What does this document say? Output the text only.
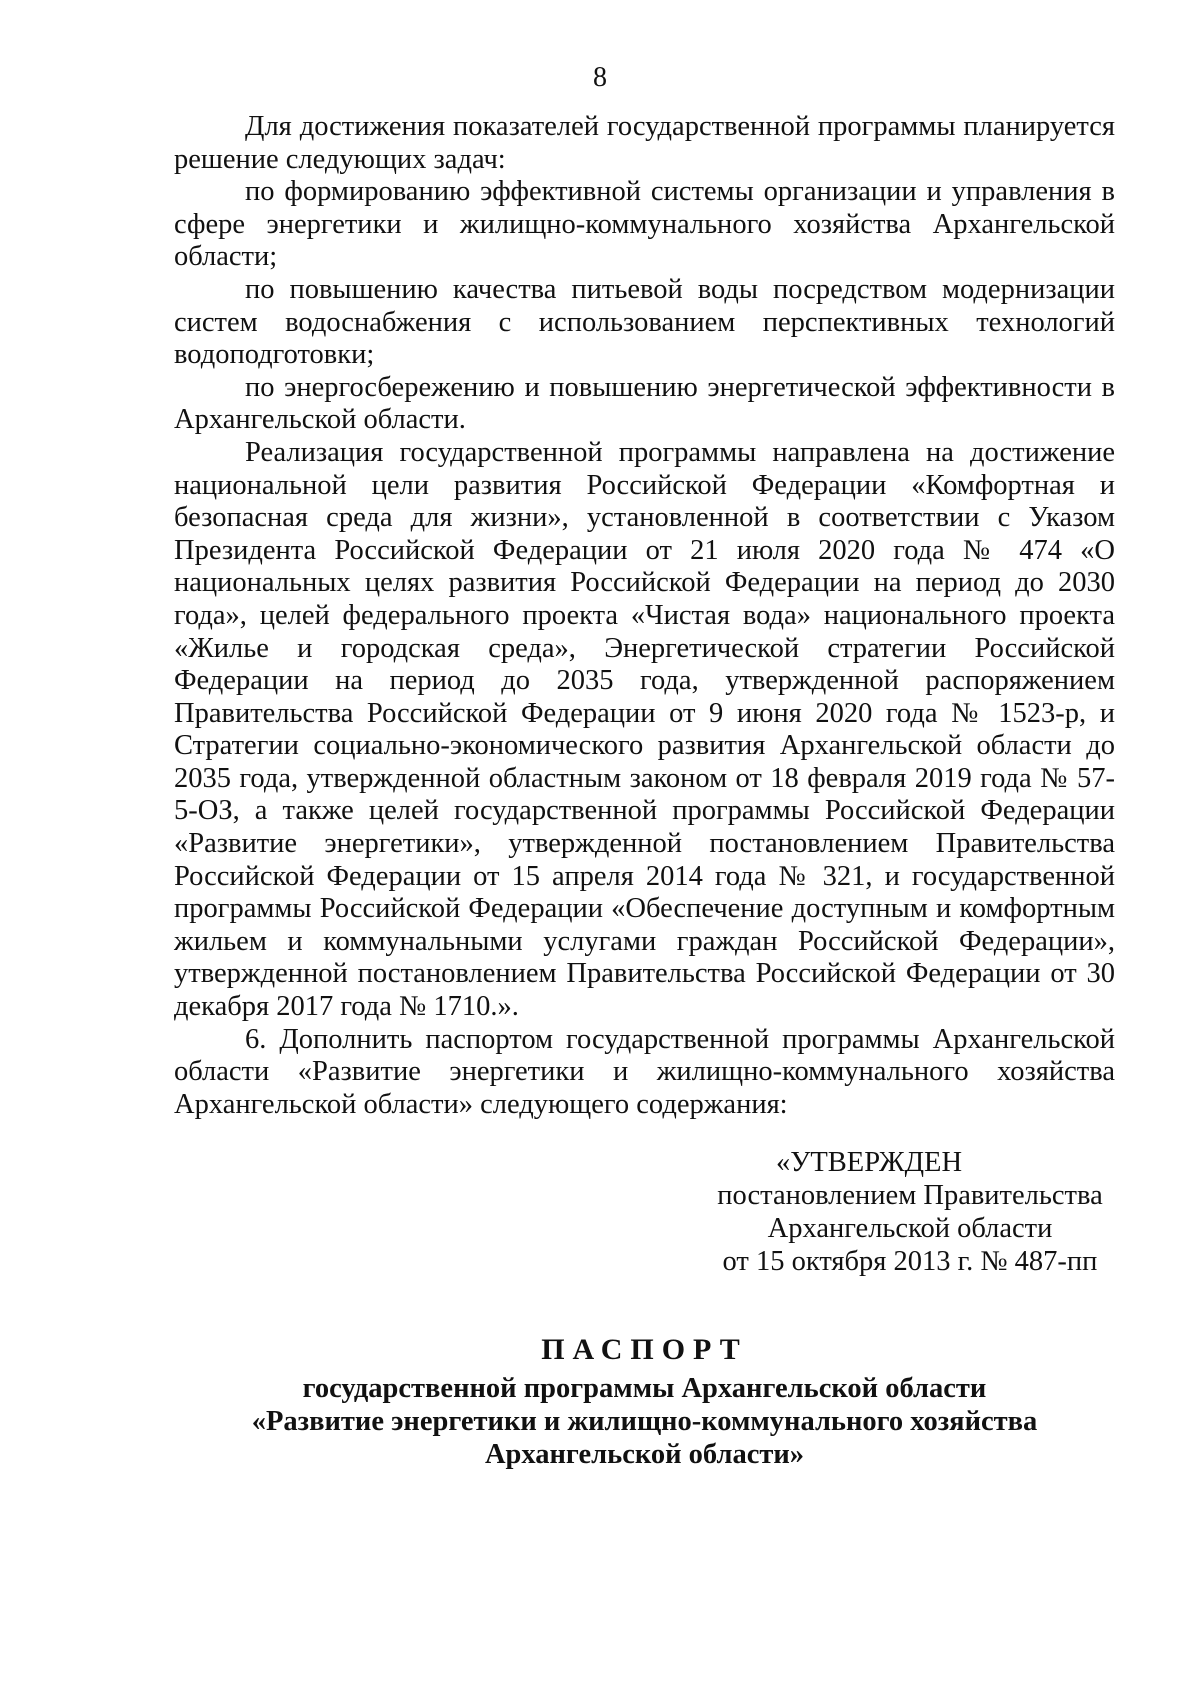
8

Для достижения показателей государственной программы планируется решение следующих задач:

по формированию эффективной системы организации и управления в сфере энергетики и жилищно-коммунального хозяйства Архангельской области;

по повышению качества питьевой воды посредством модернизации систем водоснабжения с использованием перспективных технологий водоподготовки;

по энергосбережению и повышению энергетической эффективности в Архангельской области.

Реализация государственной программы направлена на достижение национальной цели развития Российской Федерации «Комфортная и безопасная среда для жизни», установленной в соответствии с Указом Президента Российской Федерации от 21 июля 2020 года № 474 «О национальных целях развития Российской Федерации на период до 2030 года», целей федерального проекта «Чистая вода» национального проекта «Жилье и городская среда», Энергетической стратегии Российской Федерации на период до 2035 года, утвержденной распоряжением Правительства Российской Федерации от 9 июня 2020 года № 1523-р, и Стратегии социально-экономического развития Архангельской области до 2035 года, утвержденной областным законом от 18 февраля 2019 года № 57-5-ОЗ, а также целей государственной программы Российской Федерации «Развитие энергетики», утвержденной постановлением Правительства Российской Федерации от 15 апреля 2014 года № 321, и государственной программы Российской Федерации «Обеспечение доступным и комфортным жильем и коммунальными услугами граждан Российской Федерации», утвержденной постановлением Правительства Российской Федерации от 30 декабря 2017 года № 1710.».

6. Дополнить паспортом государственной программы Архангельской области «Развитие энергетики и жилищно-коммунального хозяйства Архангельской области» следующего содержания:

«УТВЕРЖДЕН
постановлением Правительства
Архангельской области
от 15 октября 2013 г. № 487-пп
ПАСПОРТ
государственной программы Архангельской области
«Развитие энергетики и жилищно-коммунального хозяйства
Архангельской области»
